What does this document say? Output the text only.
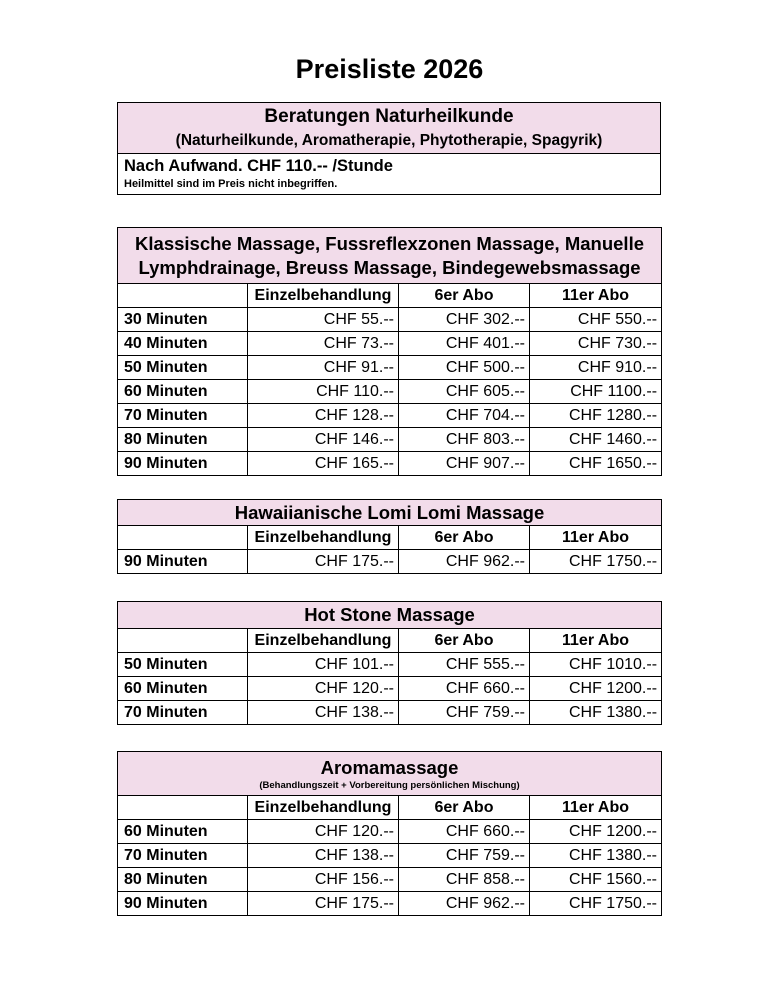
Preisliste 2026
Beratungen Naturheilkunde
(Naturheilkunde, Aromatherapie, Phytotherapie, Spagyrik)
Nach Aufwand. CHF 110.-- /Stunde
Heilmittel sind im Preis nicht inbegriffen.
Klassische Massage, Fussreflexzonen Massage, Manuelle
Lymphdrainage, Breuss Massage, Bindegewebsmassage			

	Einzelbehandlung	6er Abo	11er Abo
30 Minuten	CHF 55.--	CHF 302.--	CHF 550.--
40 Minuten	CHF 73.--	CHF 401.--	CHF 730.--
50 Minuten	CHF 91.--	CHF 500.--	CHF 910.--
60 Minuten	CHF 110.--	CHF 605.--	CHF 1100.--
70 Minuten	CHF 128.--	CHF 704.--	CHF 1280.--
80 Minuten	CHF 146.--	CHF 803.--	CHF 1460.--
90 Minuten	CHF 165.--	CHF 907.--	CHF 1650.--
Hawaiianische Lomi Lomi Massage			

	Einzelbehandlung	6er Abo	11er Abo
90 Minuten	CHF 175.--	CHF 962.--	CHF 1750.--
Hot Stone Massage			

	Einzelbehandlung	6er Abo	11er Abo
50 Minuten	CHF 101.--	CHF 555.--	CHF 1010.--
60 Minuten	CHF 120.--	CHF 660.--	CHF 1200.--
70 Minuten	CHF 138.--	CHF 759.--	CHF 1380.--
Aromamassage
(Behandlungszeit + Vorbereitung persönlichen Mischung)			

	Einzelbehandlung	6er Abo	11er Abo
60 Minuten	CHF 120.--	CHF 660.--	CHF 1200.--
70 Minuten	CHF 138.--	CHF 759.--	CHF 1380.--
80 Minuten	CHF 156.--	CHF 858.--	CHF 1560.--
90 Minuten	CHF 175.--	CHF 962.--	CHF 1750.--
